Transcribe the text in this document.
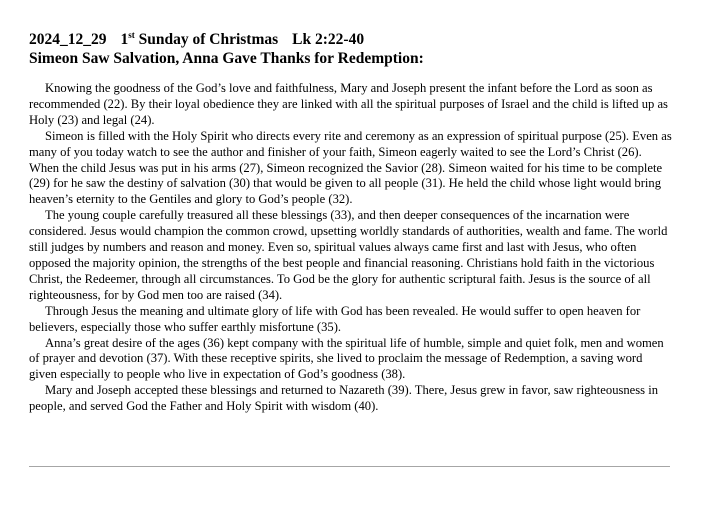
2024_12_29 1st Sunday of Christmas Lk 2:22-40
Simeon Saw Salvation, Anna Gave Thanks for Redemption:

Knowing the goodness of the God’s love and faithfulness, Mary and Joseph present the infant before the Lord as soon as recommended (22). By their loyal obedience they are linked with all the spiritual purposes of Israel and the child is lifted up as Holy (23) and legal (24).

Simeon is filled with the Holy Spirit who directs every rite and ceremony as an expression of spiritual purpose (25). Even as many of you today watch to see the author and finisher of your faith, Simeon eagerly waited to see the Lord’s Christ (26). When the child Jesus was put in his arms (27), Simeon recognized the Savior (28). Simeon waited for his time to be complete (29) for he saw the destiny of salvation (30) that would be given to all people (31). He held the child whose light would bring heaven’s eternity to the Gentiles and glory to God’s people (32).

The young couple carefully treasured all these blessings (33), and then deeper consequences of the incarnation were considered. Jesus would champion the common crowd, upsetting worldly standards of authorities, wealth and fame. The world still judges by numbers and reason and money. Even so, spiritual values always came first and last with Jesus, who often opposed the majority opinion, the strengths of the best people and financial reasoning. Christians hold faith in the victorious Christ, the Redeemer, through all circumstances. To God be the glory for authentic scriptural faith. Jesus is the source of all righteousness, for by God men too are raised (34).

Through Jesus the meaning and ultimate glory of life with God has been revealed. He would suffer to open heaven for believers, especially those who suffer earthly misfortune (35).

Anna’s great desire of the ages (36) kept company with the spiritual life of humble, simple and quiet folk, men and women of prayer and devotion (37). With these receptive spirits, she lived to proclaim the message of Redemption, a saving word given especially to people who live in expectation of God’s goodness (38).

Mary and Joseph accepted these blessings and returned to Nazareth (39). There, Jesus grew in favor, saw righteousness in people, and served God the Father and Holy Spirit with wisdom (40).
